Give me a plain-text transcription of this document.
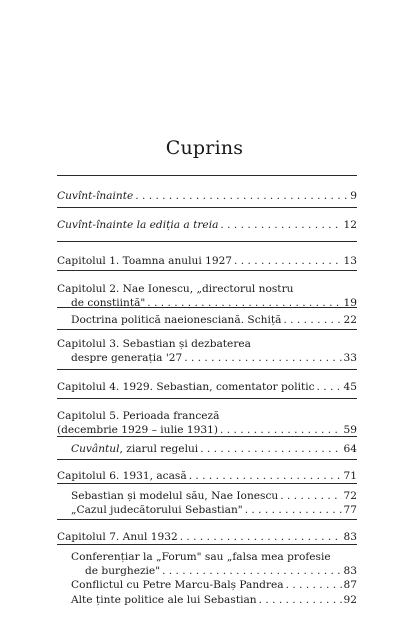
Cuprins
Cuvînt-înainte . . .	9
Cuvînt-înainte la ediția a treia . . .	12
Capitolul 1. Toamna anului 1927 . . .	13
Capitolul 2. Nae Ionescu, „directorul nostru
de conștiință" . . .	19
Doctrina politică naeionesciană. Schiță . . .	22
Capitolul 3. Sebastian și dezbaterea
despre generația '27 . . .	33
Capitolul 4. 1929. Sebastian, comentator politic . . .	45
Capitolul 5. Perioada franceză
(decembrie 1929 – iulie 1931) . . .	59
Cuvântul , ziarul regelui . . .	64
Capitolul 6. 1931, acasă . . .	71
Sebastian și modelul său, Nae Ionescu . . .	72
„Cazul judecătorului Sebastian" . . .	77
Capitolul 7. Anul 1932 . . .	83
Conferențiar la „Forum" sau „falsa mea profesie
de burghezie" . . .	83
Conflictul cu Petre Marcu-Balș Pandrea . . .	87
Alte ținte politice ale lui Sebastian . . .	92
